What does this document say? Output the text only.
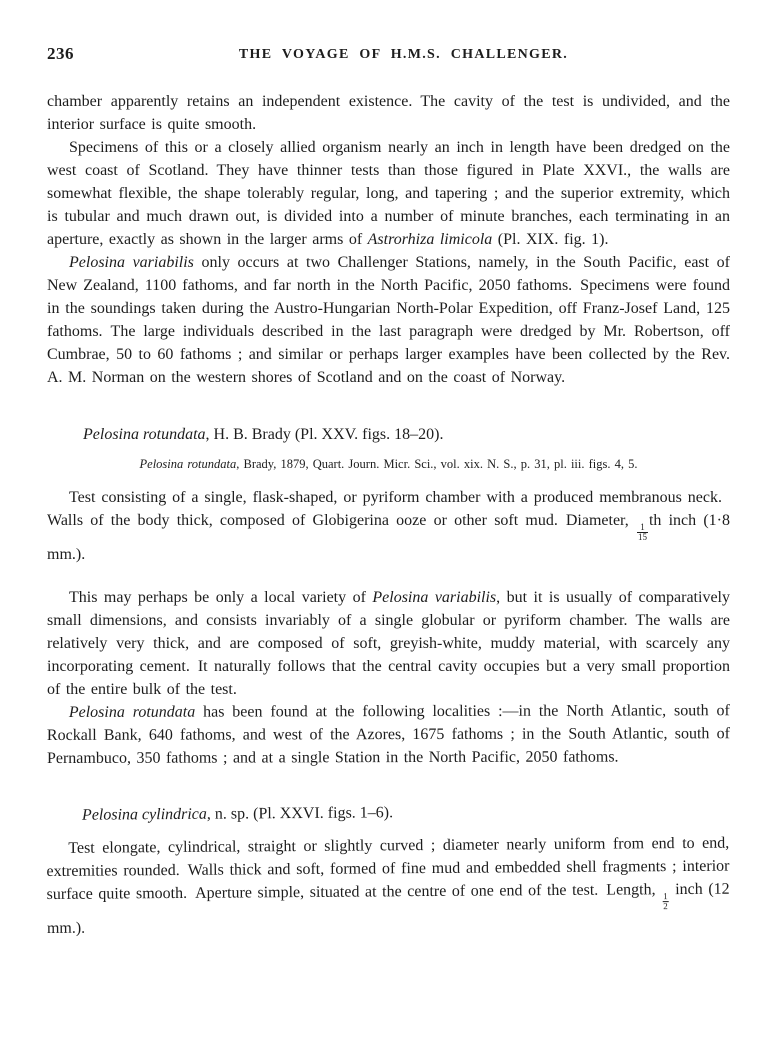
236	THE VOYAGE OF H.M.S. CHALLENGER.

chamber apparently retains an independent existence. The cavity of the test is undivided, and the interior surface is quite smooth.

Specimens of this or a closely allied organism nearly an inch in length have been dredged on the west coast of Scotland. They have thinner tests than those figured in Plate XXVI., the walls are somewhat flexible, the shape tolerably regular, long, and tapering ; and the superior extremity, which is tubular and much drawn out, is divided into a number of minute branches, each terminating in an aperture, exactly as shown in the larger arms of Astrorhiza limicola (Pl. XIX. fig. 1).

Pelosina variabilis only occurs at two Challenger Stations, namely, in the South Pacific, east of New Zealand, 1100 fathoms, and far north in the North Pacific, 2050 fathoms. Specimens were found in the soundings taken during the Austro-Hungarian North-Polar Expedition, off Franz-Josef Land, 125 fathoms. The large individuals described in the last paragraph were dredged by Mr. Robertson, off Cumbrae, 50 to 60 fathoms ; and similar or perhaps larger examples have been collected by the Rev. A. M. Norman on the western shores of Scotland and on the coast of Norway.

Pelosina rotundata, H. B. Brady (Pl. XXV. figs. 18–20).

Pelosina rotundata, Brady, 1879, Quart. Journ. Micr. Sci., vol. xix. N. S., p. 31, pl. iii. figs. 4, 5.

Test consisting of a single, flask-shaped, or pyriform chamber with a produced membranous neck. Walls of the body thick, composed of Globigerina ooze or other soft mud. Diameter,
$\frac{1}{15}$
th inch (1·8 mm.).

This may perhaps be only a local variety of Pelosina variabilis, but it is usually of comparatively small dimensions, and consists invariably of a single globular or pyriform chamber. The walls are relatively very thick, and are composed of soft, greyish-white, muddy material, with scarcely any incorporating cement. It naturally follows that the central cavity occupies but a very small proportion of the entire bulk of the test.

Pelosina rotundata has been found at the following localities :—in the North Atlantic, south of Rockall Bank, 640 fathoms, and west of the Azores, 1675 fathoms ; in the South Atlantic, south of Pernambuco, 350 fathoms ; and at a single Station in the North Pacific, 2050 fathoms.

Pelosina cylindrica, n. sp. (Pl. XXVI. figs. 1–6).

Test elongate, cylindrical, straight or slightly curved ; diameter nearly uniform from end to end, extremities rounded. Walls thick and soft, formed of fine mud and embedded shell fragments ; interior surface quite smooth. Aperture simple, situated at the centre of one end of the test. Length, $\frac{1}{2}$
inch (12 mm.).
